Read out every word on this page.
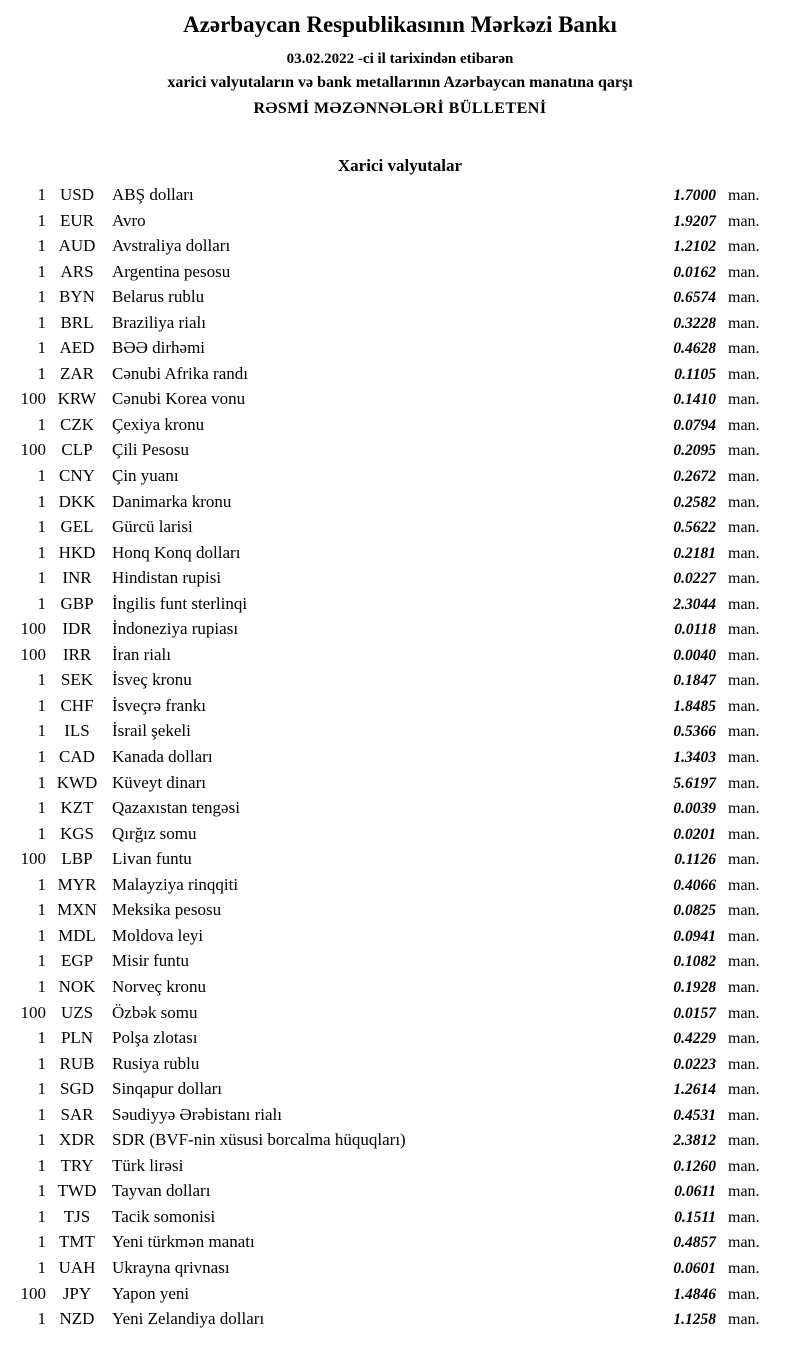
Azərbaycan Respublikasının Mərkəzi Bankı
03.02.2022 -ci il tarixindən etibarən
xarici valyutaların və bank metallarının Azərbaycan manatına qarşı
RƏSMİ MƏZƏNNƏLƏRİ BÜLLETENİ
Xarici valyutalar
1 USD	ABŞ dolları	1.7000 man.
1 EUR	Avro	1.9207 man.
1 AUD Avstraliya dolları	1.2102 man.
1 ARS	Argentina pesosu	0.0162 man.
1 BYN	Belarus rublu	0.6574 man.
1 BRL	Braziliya rialı	0.3228 man.
1 AED	BƏƏ dirhəmi	0.4628 man.
1 ZAR	Cənubi Afrika randı	0.1105 man.
100 KRW Cənubi Korea vonu	0.1410 man.
1 CZK	Çexiya kronu	0.0794 man.
100 CLP	Çili Pesosu	0.2095 man.
1 CNY	Çin yuanı	0.2672 man.
1 DKK Danimarka kronu	0.2582 man.
1 GEL	Gürcü larisi	0.5622 man.
1 HKD Honq Konq dolları	0.2181 man.
1 INR	Hindistan rupisi	0.0227 man.
1 GBP	İngilis funt sterlinqi	2.3044 man.
100 IDR	İndoneziya rupiası	0.0118 man.
100 IRR	İran rialı	0.0040 man.
1 SEK	İsveç kronu	0.1847 man.
1 CHF	İsveçrə frankı	1.8485 man.
1	ILS	İsrail şekeli	0.5366 man.
1 CAD	Kanada dolları	1.3403 man.
1 KWD Küveyt dinarı	5.6197 man.
1 KZT	Qazaxıstan tengəsi	0.0039 man.
1 KGS	Qırğız somu	0.0201 man.
100 LBP	Livan funtu	0.1126 man.
1 MYR Malayziya rinqqiti	0.4066 man.
1 MXN Meksika pesosu	0.0825 man.
1 MDL Moldova leyi	0.0941 man.
1 EGP	Misir funtu	0.1082 man.
1 NOK Norveç kronu	0.1928 man.
100 UZS	Özbək somu	0.0157 man.
1 PLN	Polşa zlotası	0.4229 man.
1 RUB	Rusiya rublu	0.0223 man.
1 SGD	Sinqapur dolları	1.2614 man.
1 SAR	Səudiyyə Ərəbistanı rialı	0.4531 man.
1 XDR	SDR (BVF-nin xüsusi borcalma hüquqları)	2.3812 man.
1 TRY	Türk lirəsi	0.1260 man.
1 TWD Tayvan dolları	0.0611 man.
1	TJS	Tacik somonisi	0.1511 man.
1 TMT	Yeni türkmən manatı	0.4857 man.
1 UAH Ukrayna qrivnası	0.0601 man.
100 JPY	Yapon yeni	1.4846 man.
1 NZD	Yeni Zelandiya dolları	1.1258 man.
